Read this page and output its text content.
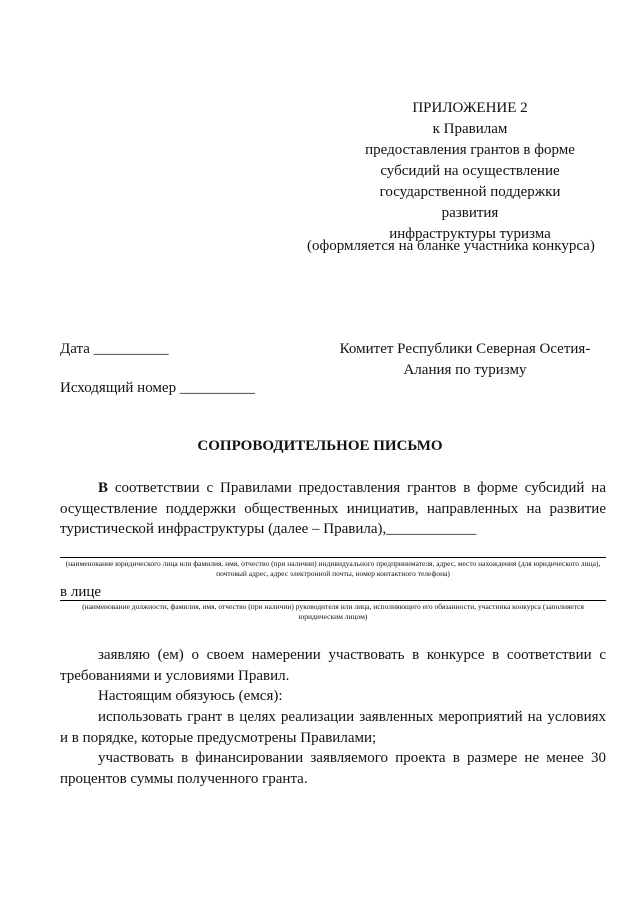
ПРИЛОЖЕНИЕ 2
к Правилам
предоставления грантов в форме
субсидий на осуществление
государственной поддержки развития
инфраструктуры туризма
(оформляется на бланке участника конкурса)
Дата __________
Исходящий номер __________
Комитет Республики Северная Осетия-
Алания по туризму
СОПРОВОДИТЕЛЬНОЕ ПИСЬМО
В соответствии с Правилами предоставления грантов в форме субсидий на осуществление поддержки общественных инициатив, направленных на развитие туристической инфраструктуры (далее – Правила),____________
(наименование юридического лица или фамилия, имя, отчество (при наличии) индивидуального предпринимателя, адрес, место нахождения (для юридического лица), почтовый адрес, адрес электронной почты, номер контактного телефона)
в лице
(наименование должности, фамилия, имя, отчество (при наличии) руководителя или лица, исполняющего его обязанности, участника конкурса (заполняется юридическим лицом)
заявляю (ем) о своем намерении участвовать в конкурсе в соответствии с требованиями и условиями Правил.
Настоящим обязуюсь (емся):
использовать грант в целях реализации заявленных мероприятий на условиях и в порядке, которые предусмотрены Правилами;
участвовать в финансировании заявляемого проекта в размере не менее 30 процентов суммы полученного гранта.
